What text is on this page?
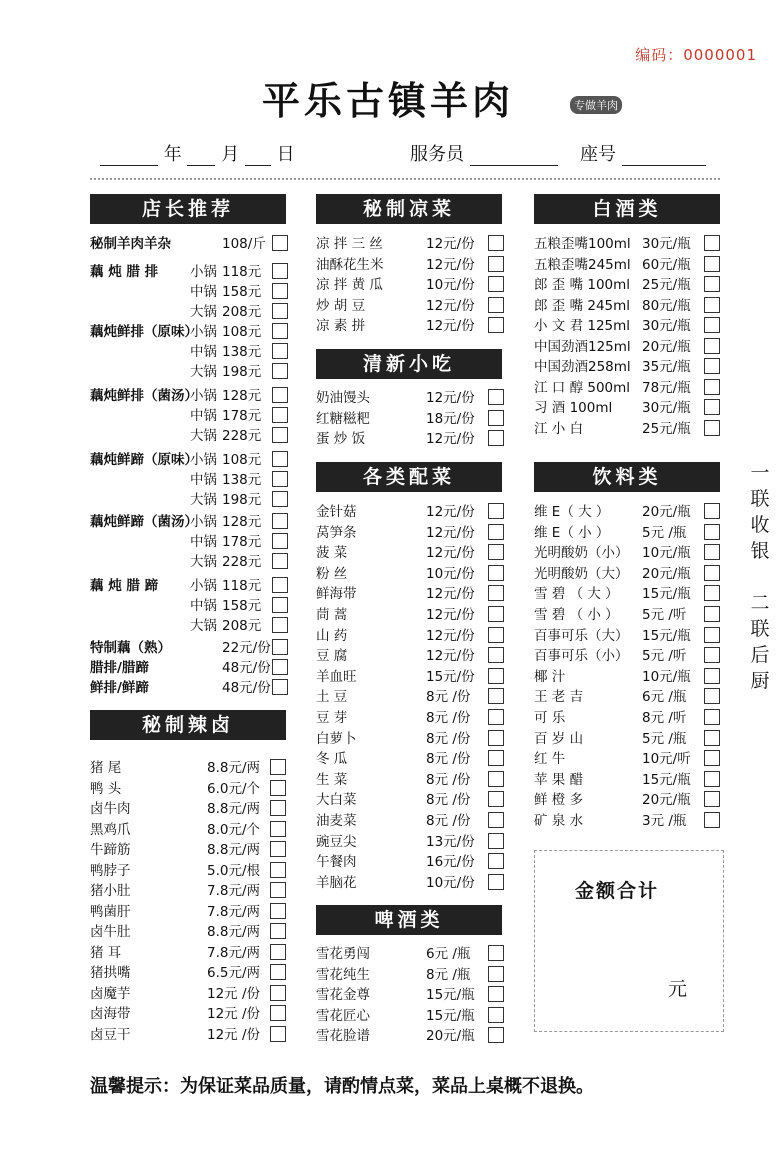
编码：0000001
平乐古镇羊肉	专做羊肉
年 月 日	服务员	座号
店长推荐
秘制辣卤
秘制凉菜
清新小吃
各类配菜
啤酒类
白酒类
饮料类
秘制羊肉羊杂	108/斤
藕 炖 腊 排 小锅 118元
中锅 158元
大锅 208元
藕炖鲜排（原味）
小锅 108元
中锅 138元
大锅 198元
藕炖鲜排（菌汤）
小锅 128元
中锅 178元
大锅 228元
藕炖鲜蹄（原味）
小锅 108元
中锅 138元
大锅 198元
藕炖鲜蹄（菌汤）
小锅 128元
中锅 178元
大锅 228元
藕 炖 腊 蹄 小锅 118元
中锅 158元
大锅 208元
特制藕（熟）	22元/份
腊排/腊蹄	48元/份
鲜排/鲜蹄	48元/份
猪 尾	8.8元/两
鸭 头	6.0元/个
卤牛肉	8.8元/两
黑鸡爪	8.0元/个
牛蹄筋	8.8元/两
鸭脖子	5.0元/根
猪小肚	7.8元/两
鸭菌肝	7.8元/两
卤牛肚	8.8元/两
猪 耳	7.8元/两
猪拱嘴	6.5元/两
卤魔芋	12元 /份
卤海带	12元 /份
卤豆干	12元 /份
凉 拌 三 丝	12元/份
油酥花生米	12元/份
凉 拌 黄 瓜	10元/份
炒 胡 豆	12元/份
凉 素 拼	12元/份
奶油馒头	12元/份
红糖糍粑	18元/份
蛋 炒 饭	12元/份
金针菇	12元/份
莴笋条	12元/份
菠 菜	12元/份
粉 丝	10元/份
鲜海带	12元/份
茼 蒿	12元/份
山 药	12元/份
豆 腐	12元/份
羊血旺	15元/份
土 豆	8元 /份
豆 芽	8元 /份
白萝卜	8元 /份
冬 瓜	8元 /份
生 菜	8元 /份
大白菜	8元 /份
油麦菜	8元 /份
豌豆尖	13元/份
午餐肉	16元/份
羊脑花	10元/份
雪花勇闯	6元 /瓶
雪花纯生	8元 /瓶
雪花金尊	15元/瓶
雪花匠心	15元/瓶
雪花脸谱	20元/瓶
五粮歪嘴100ml 30元/瓶
五粮歪嘴245ml 60元/瓶
郎 歪 嘴 100ml 25元/瓶
郎 歪 嘴 245ml 80元/瓶
小 文 君 125ml 30元/瓶
中国劲酒125ml 20元/瓶
中国劲酒258ml 35元/瓶
江 口 醇 500ml 78元/瓶
习 酒 100ml 30元/瓶
江 小 白	25元/瓶
维 E（ 大 ） 20元/瓶
维 E（ 小 ） 5元 /瓶
光明酸奶（小） 10元/瓶
光明酸奶（大） 20元/瓶
雪 碧 （ 大 ） 15元/瓶
雪 碧 （ 小 ） 5元 /听
百事可乐（大） 15元/瓶
百事可乐（小） 5元 /听
椰 汁	10元/瓶
王 老 吉	6元 /瓶
可 乐	8元 /听
百 岁 山	5元 /瓶
红 牛	10元/听
苹 果 醋	15元/瓶
鲜 橙 多	20元/瓶
矿 泉 水	3元 /瓶
一
联
收
银

二
联
后
厨
金额合计
元
温馨提示：为保证菜品质量，请酌情点菜，菜品上桌概不退换。
